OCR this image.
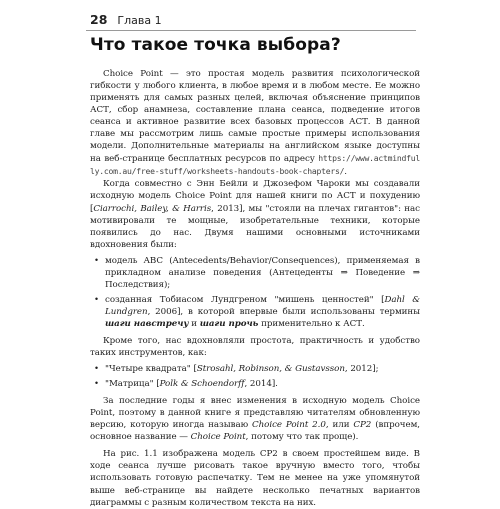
28 Глава 1
Что такое точка выбора?

Choice Point — это простая модель развития психологической гибкости у любого клиента, в любое время и в любом месте. Ее можно применять для самых разных целей, включая объяснение принципов АСТ, сбор анамнеза, составление плана сеанса, подведение итогов сеанса и активное развитие всех базовых процессов АСТ. В данной главе мы рассмотрим лишь самые простые примеры использования модели. Дополнительные материалы на английском языке доступны на веб-странице бесплатных ресурсов по адресу https://www.actmindfully.com.au/free-stuff/worksheets-handouts-book-chapters/.

Когда совместно с Энн Бейли и Джозефом Чароки мы создавали исходную модель Choice Point для нашей книги по АСТ и похудению [Ciarrochi, Bailey, & Harris, 2013], мы "стояли на плечах гигантов": нас мотивировали те мощные, изобретательные техники, которые появились до нас. Двумя нашими основными источниками вдохновения были:

• модель ABC (Antecedents/Behavior/Consequences), применяемая в прикладном анализе поведения (Антецеденты ⇒ Поведение ⇒ Последствия);
• созданная Тобиасом Лундгреном "мишень ценностей" [Dahl & Lundgren, 2006], в которой впервые были использованы термины шаги навстречу и шаги прочь применительно к АСТ.

Кроме того, нас вдохновляли простота, практичность и удобство таких инструментов, как:

• "Четыре квадрата" [Strosahl, Robinson, & Gustavsson, 2012];
• "Матрица" [Polk & Schoendorff, 2014].

За последние годы я внес изменения в исходную модель Choice Point, поэтому в данной книге я представляю читателям обновленную версию, которую иногда называю Choice Point 2.0, или CP2 (впрочем, основное название — Choice Point, потому что так проще).

На рис. 1.1 изображена модель CP2 в своем простейшем виде. В ходе сеанса лучше рисовать такое вручную вместо того, чтобы использовать готовую распечатку. Тем не менее на уже упомянутой выше веб-странице вы найдете несколько печатных вариантов диаграммы с разным количеством текста на них.
